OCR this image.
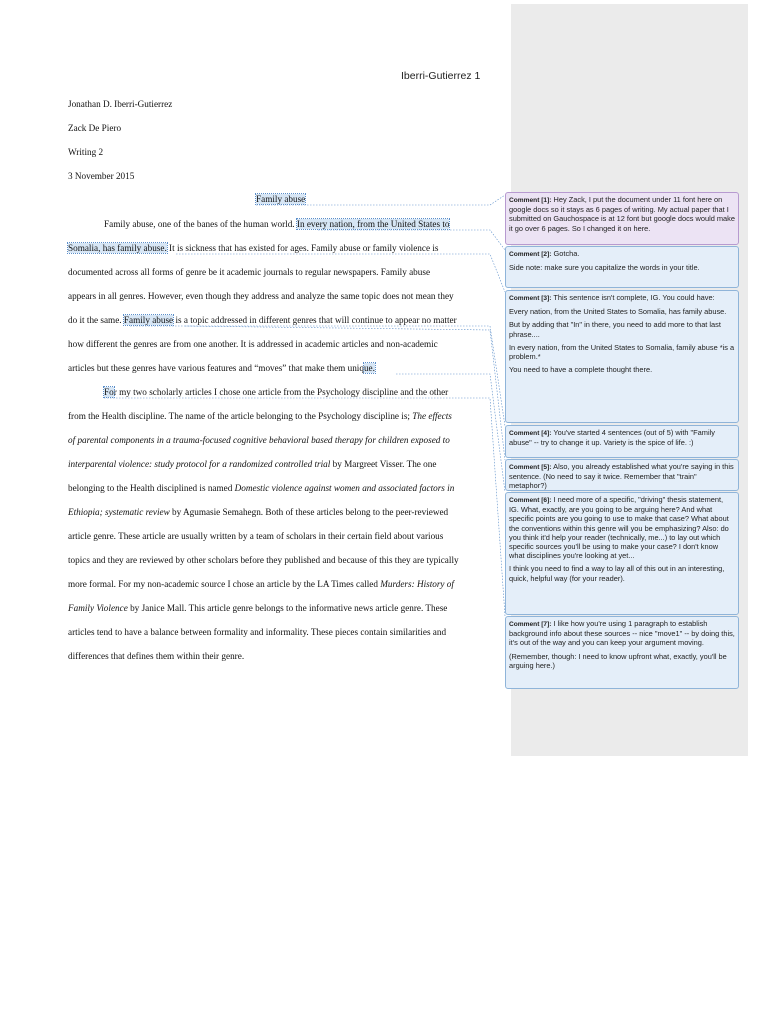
Iberri-Gutierrez 1
Jonathan D. Iberri-Gutierrez
Zack De Piero
Writing 2
3 November 2015
Family abuse
Family abuse, one of the banes of the human world. In every nation, from the United States to
Somalia, has family abuse. It is sickness that has existed for ages. Family abuse or family violence is
documented across all forms of genre be it academic journals to regular newspapers. Family abuse
appears in all genres. However, even though they address and analyze the same topic does not mean they
do it the same. Family abuse is a topic addressed in different genres that will continue to appear no matter
how different the genres are from one another. It is addressed in academic articles and non-academic
articles but these genres have various features and “moves” that make them unique.
For my two scholarly articles I chose one article from the Psychology discipline and the other
from the Health discipline. The name of the article belonging to the Psychology discipline is; The effects
of parental components in a trauma-focused cognitive behavioral based therapy for children exposed to
interparental violence: study protocol for a randomized controlled trial by Margreet Visser. The one
belonging to the Health disciplined is named Domestic violence against women and associated factors in
Ethiopia; systematic review by Agumasie Semahegn. Both of these articles belong to the peer-reviewed
article genre. These article are usually written by a team of scholars in their certain field about various
topics and they are reviewed by other scholars before they published and because of this they are typically
more formal. For my non-academic source I chose an article by the LA Times called Murders: History of
Family Violence by Janice Mall. This article genre belongs to the informative news article genre. These
articles tend to have a balance between formality and informality. These pieces contain similarities and
differences that defines them within their genre.

Comment [1]: Hey Zack, I put the document under 11 font here on google docs so it stays as 6 pages of writing. My actual paper that I submitted on Gauchospace is at 12 font but google docs would make it go over 6 pages. So I changed it on here.

Comment [2]: Gotcha.

Side note: make sure you capitalize the words in your title.

Comment [3]: This sentence isn't complete, IG. You could have:

Every nation, from the United States to Somalia, has family abuse.

But by adding that "In" in there, you need to add more to that last phrase....

In every nation, from the United States to Somalia, family abuse *is a problem.*

You need to have a complete thought there.

Comment [4]: You've started 4 sentences (out of 5) with "Family abuse" -- try to change it up. Variety is the spice of life. :)

Comment [5]: Also, you already established what you're saying in this sentence. (No need to say it twice. Remember that "train" metaphor?)

Comment [6]: I need more of a specific, "driving" thesis statement, IG. What, exactly, are you going to be arguing here? And what specific points are you going to use to make that case? What about the conventions within this genre will you be emphasizing? Also: do you think it'd help your reader (technically, me...) to lay out which specific sources you'll be using to make your case? I don't know what disciplines you're looking at yet...

I think you need to find a way to lay all of this out in an interesting, quick, helpful way (for your reader).

Comment [7]: I like how you're using 1 paragraph to establish background info about these sources -- nice "move1" -- by doing this, it's out of the way and you can keep your argument moving.

(Remember, though: I need to know upfront what, exactly, you'll be arguing here.)
